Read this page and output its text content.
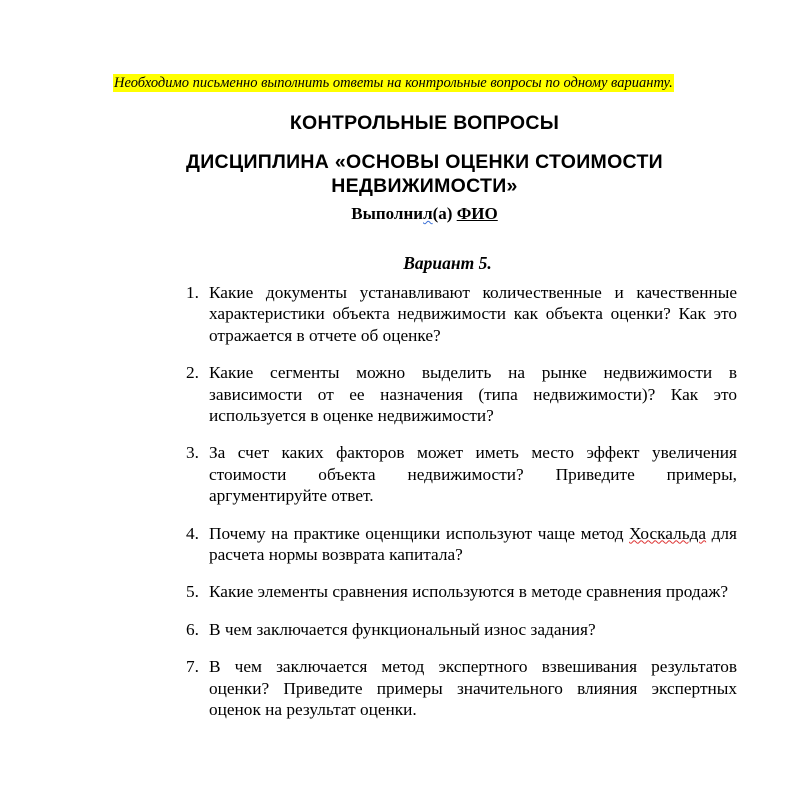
Необходимо письменно выполнить ответы на контрольные вопросы по одному варианту.
КОНТРОЛЬНЫЕ ВОПРОСЫ
ДИСЦИПЛИНА «ОСНОВЫ ОЦЕНКИ СТОИМОСТИ
НЕДВИЖИМОСТИ»
Выполнил(а) ФИО
Вариант 5.
1. Какие документы устанавливают количественные и качественные характеристики объекта недвижимости как объекта оценки? Как это отражается в отчете об оценке?
2. Какие сегменты можно выделить на рынке недвижимости в зависимости от ее назначения (типа недвижимости)? Как это используется в оценке недвижимости?
3. За счет каких факторов может иметь место эффект увеличения стоимости объекта недвижимости? Приведите примеры, аргументируйте ответ.
4. Почему на практике оценщики используют чаще метод Хоскальда для расчета нормы возврата капитала?
5. Какие элементы сравнения используются в методе сравнения продаж?
6. В чем заключается функциональный износ задания?
7. В чем заключается метод экспертного взвешивания результатов оценки? Приведите примеры значительного влияния экспертных оценок на результат оценки.
